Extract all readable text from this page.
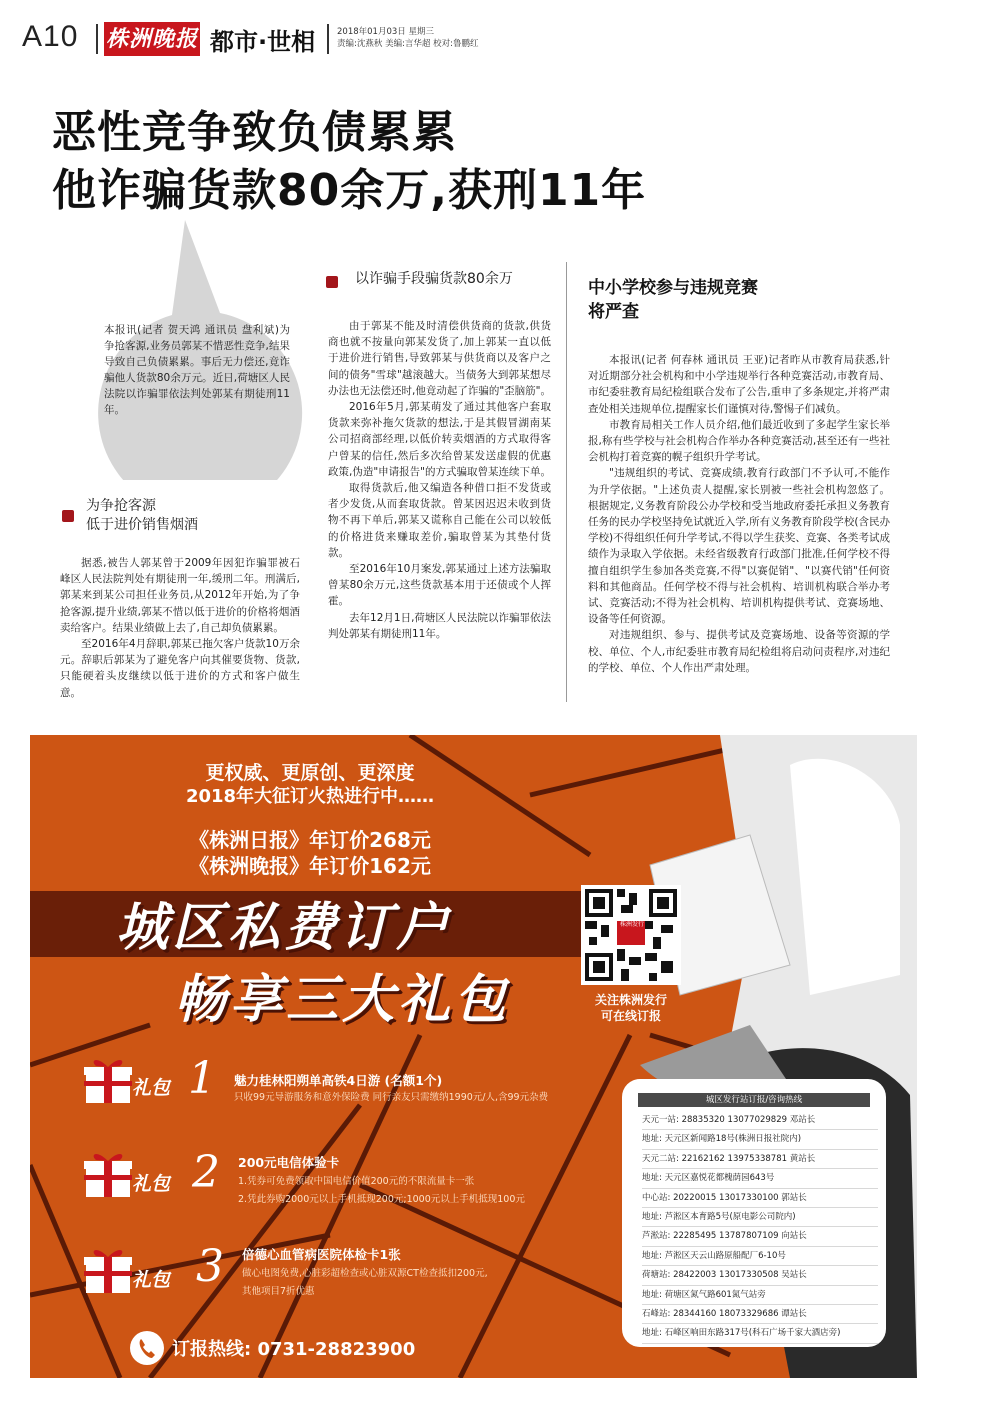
A10 株洲晚报 都市·世相	2018年01月03日 星期三
责编:沈燕秋 美编:言华超 校对:鲁鹏红
恶性竞争致负债累累
他诈骗货款80余万,获刑11年
本报讯(记者 贺天鸿 通讯员 盘利斌)为争抢客源,业务员郭某不惜恶性竞争,结果导致自己负债累累。事后无力偿还,竟诈骗他人货款80余万元。近日,荷塘区人民法院以诈骗罪依法判处郭某有期徒刑11年。
为争抢客源
低于进价销售烟酒

据悉,被告人郭某曾于2009年因犯诈骗罪被石峰区人民法院判处有期徒刑一年,缓刑二年。刑满后,郭某来到某公司担任业务员,从2012年开始,为了争抢客源,提升业绩,郭某不惜以低于进价的价格将烟酒卖给客户。结果业绩做上去了,自己却负债累累。

至2016年4月辞职,郭某已拖欠客户货款10万余元。辞职后郭某为了避免客户向其催要货物、货款,只能硬着头皮继续以低于进价的方式和客户做生意。

以诈骗手段骗货款80余万

由于郭某不能及时清偿供货商的货款,供货商也就不按量向郭某发货了,加上郭某一直以低于进价进行销售,导致郭某与供货商以及客户之间的债务"雪球"越滚越大。当债务大到郭某想尽办法也无法偿还时,他竟动起了诈骗的"歪脑筋"。

2016年5月,郭某萌发了通过其他客户套取货款来弥补拖欠货款的想法,于是其假冒湖南某公司招商部经理,以低价转卖烟酒的方式取得客户曾某的信任,然后多次给曾某发送虚假的优惠政策,伪造"申请报告"的方式骗取曾某连续下单。

取得货款后,他又编造各种借口拒不发货或者少发货,从而套取货款。曾某因迟迟未收到货物不再下单后,郭某又谎称自己能在公司以较低的价格进货来赚取差价,骗取曾某为其垫付货款。

至2016年10月案发,郭某通过上述方法骗取曾某80余万元,这些货款基本用于还债或个人挥霍。

去年12月1日,荷塘区人民法院以诈骗罪依法判处郭某有期徒刑11年。

中小学校参与违规竞赛
将严查

本报讯(记者 何春林 通讯员 王亚)记者昨从市教育局获悉,针对近期部分社会机构和中小学违规举行各种竞赛活动,市教育局、市纪委驻教育局纪检组联合发布了公告,重申了多条规定,并将严肃查处相关违规单位,提醒家长们谨慎对待,警惕子们减负。

市教育局相关工作人员介绍,他们最近收到了多起学生家长举报,称有些学校与社会机构合作举办各种竞赛活动,甚至还有一些社会机构打着竞赛的幌子组织升学考试。

"违规组织的考试、竞赛成绩,教育行政部门不予认可,不能作为升学依据。"上述负责人提醒,家长别被一些社会机构忽悠了。根据规定,义务教育阶段公办学校和受当地政府委托承担义务教育任务的民办学校坚持免试就近入学,所有义务教育阶段学校(含民办学校)不得组织任何升学考试,不得以学生获奖、竞赛、各类考试成绩作为录取入学依据。未经省级教育行政部门批准,任何学校不得擅自组织学生参加各类竞赛,不得"以赛促销"、"以赛代销"任何资料和其他商品。任何学校不得与社会机构、培训机构联合举办考试、竞赛活动;不得为社会机构、培训机构提供考试、竞赛场地、设备等任何资源。

对违规组织、参与、提供考试及竞赛场地、设备等资源的学校、单位、个人,市纪委驻市教育局纪检组将启动问责程序,对违纪的学校、单位、个人作出严肃处理。

更权威、更原创、更深度
2018年大征订火热进行中……
《株洲日报》年订价268元
《株洲晚报》年订价162元
城区私费订户
畅享三大礼包
株洲发行
关注株洲发行
可在线订报
礼包 1 魅力桂林阳朔单高铁4日游 (名额1个)
只收99元导游服务和意外保险费 同行亲友只需缴纳1990元/人,含99元杂费
礼包 2 200元电信体验卡
1.凭券可免费领取中国电信价值200元的不限流量卡一张
2.凭此券购2000元以上手机抵现200元;1000元以上手机抵现100元
礼包 3 倍德心血管病医院体检卡1张
做心电图免费,心脏彩超检查或心脏双源CT检查抵扣200元,
其他项目7折优惠
订报热线: 0731-28823900
城区发行站订报/咨询热线
天元一站: 28835320 13077029829 邓站长
地址: 天元区新闻路18号(株洲日报社院内)
天元二站: 22162162 13975338781 黄站长
地址: 天元区嘉悦花都槐荫园643号
中心站: 20220015 13017330100 郭站长
地址: 芦淞区本育路5号(原电影公司院内)
芦淞站: 22285495 13787807109 向站长
地址: 芦淞区天云山路原船配厂6-10号
荷塘站: 28422003 13017330508 吴站长
地址: 荷塘区氮气路601氮气站旁
石峰站: 28344160 18073329686 谭站长
地址: 石峰区响田东路317号(科石广场千家大酒店旁)
